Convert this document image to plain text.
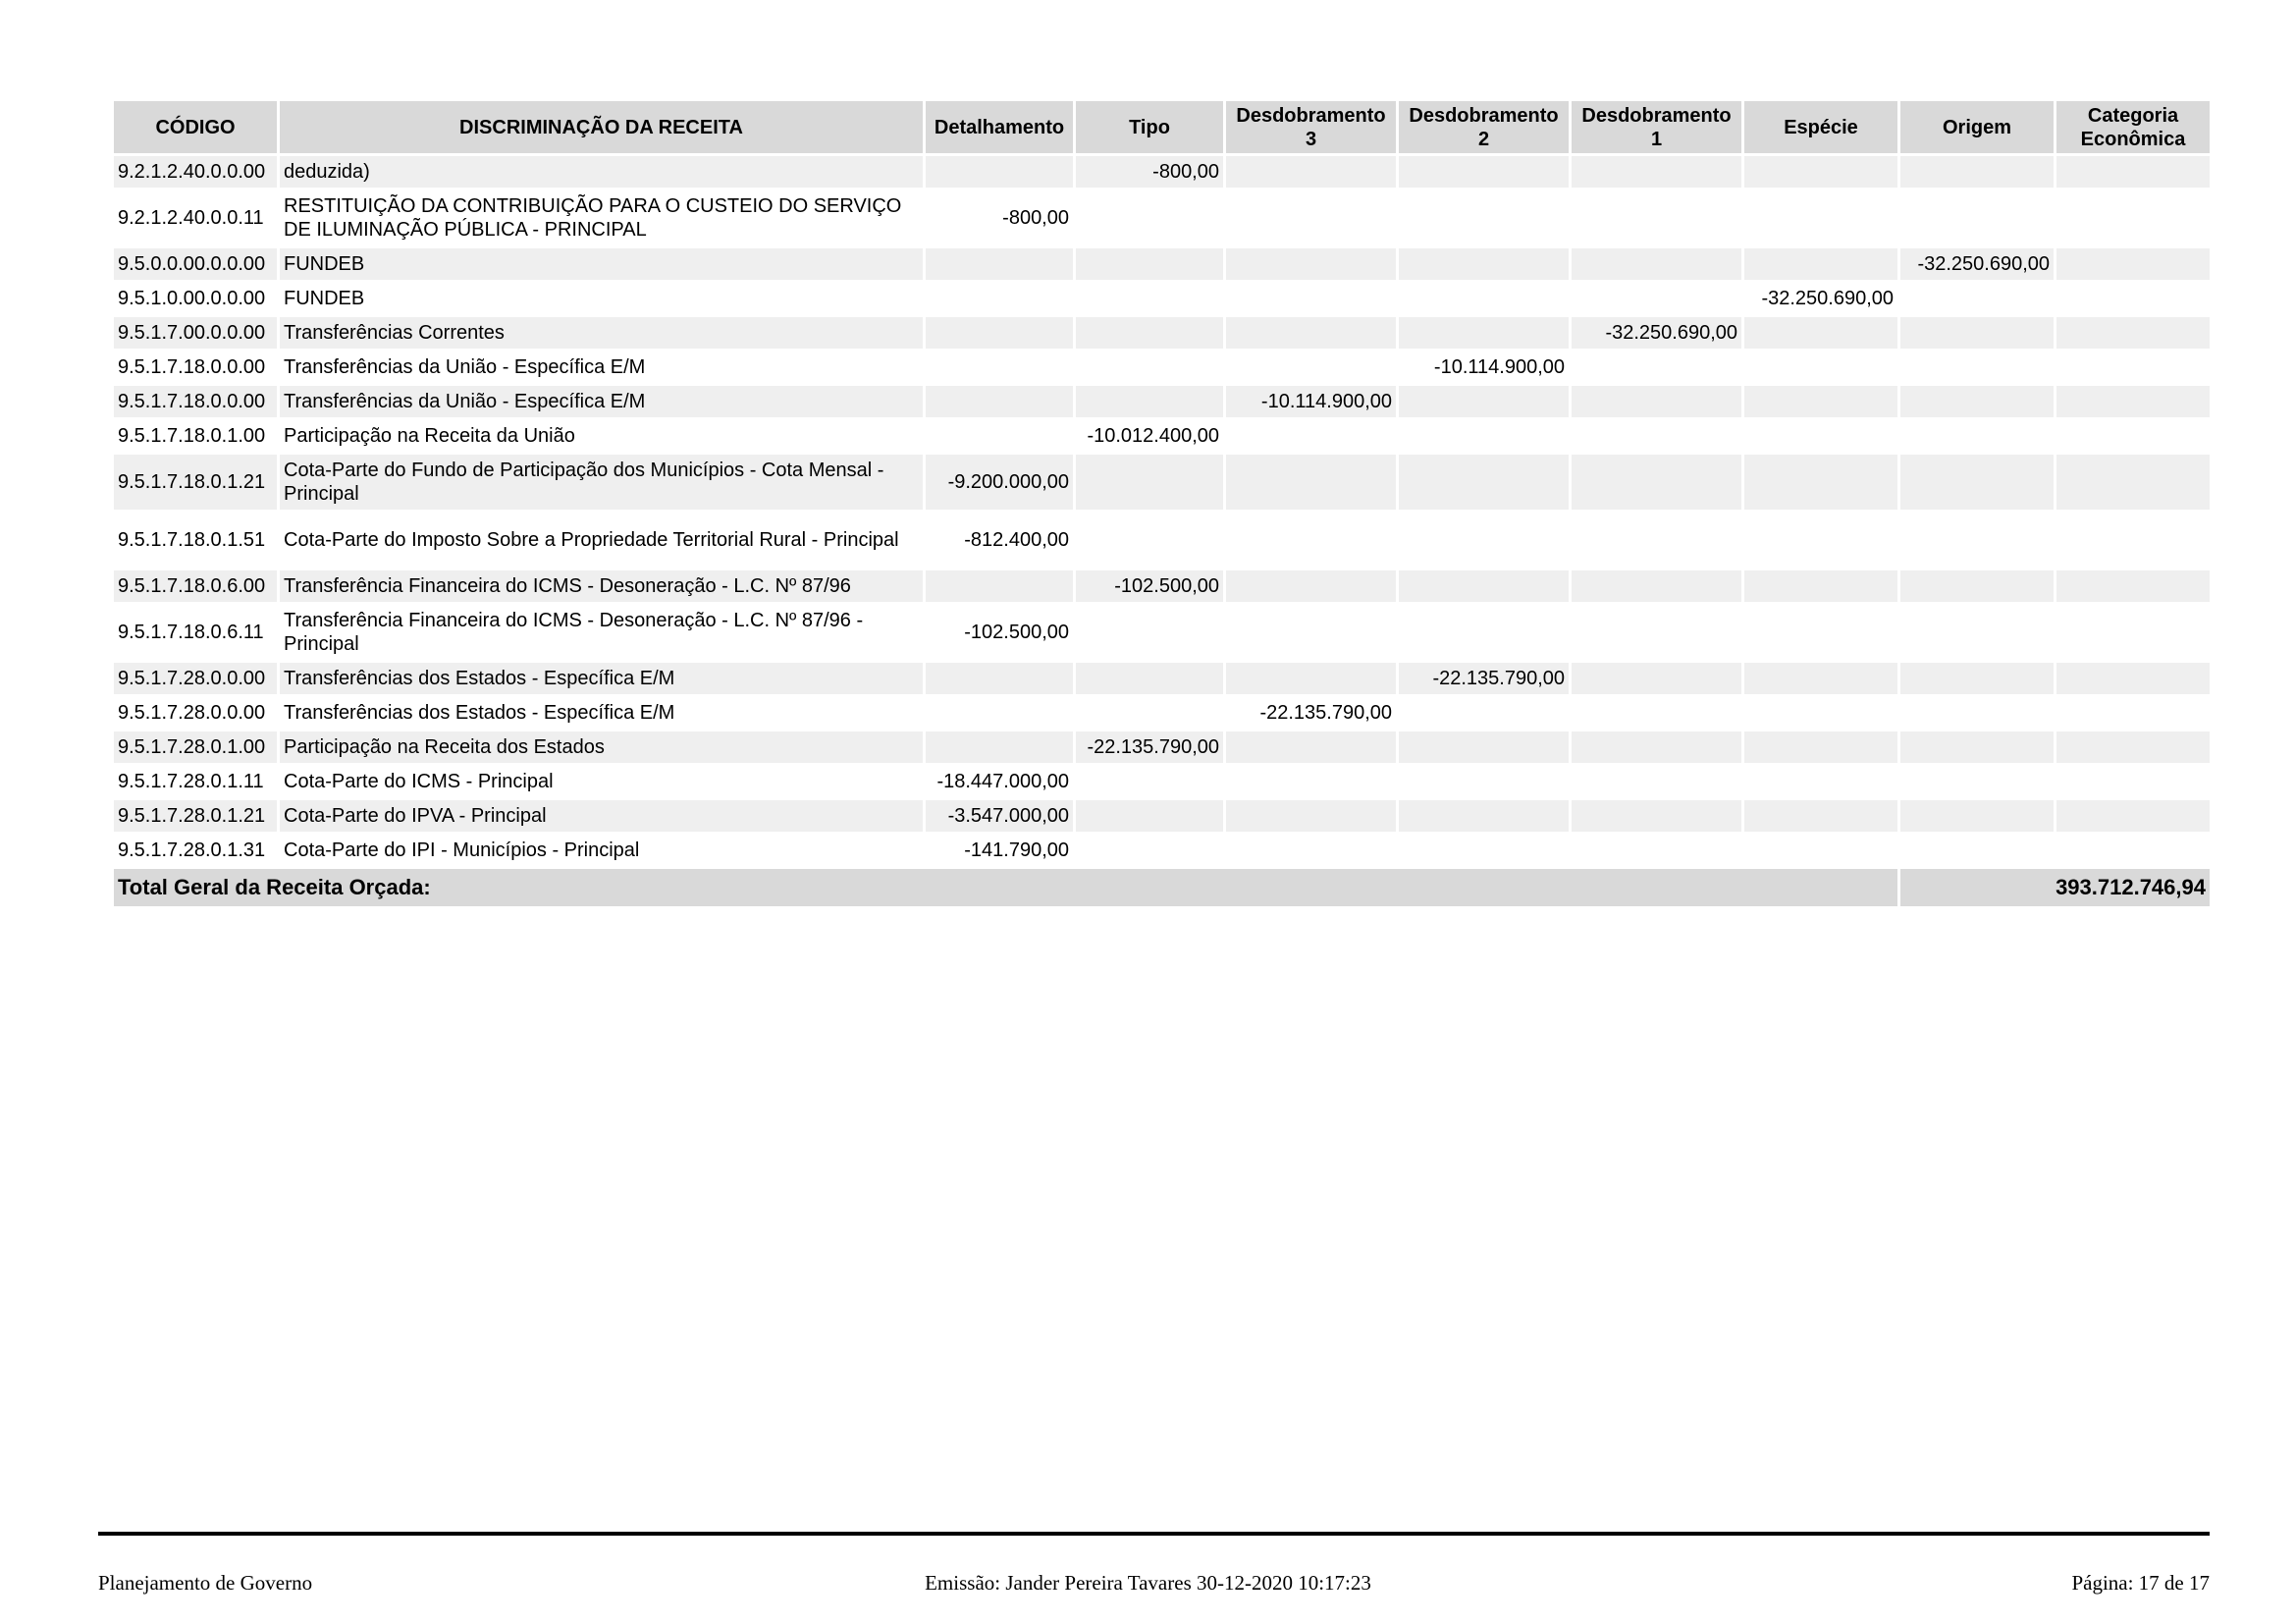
CÓDIGO	DISCRIMINAÇÃO DA RECEITA	Detalhamento	Tipo	Desdobramento 3	Desdobramento 2	Desdobramento 1	Espécie	Origem	Categoria Econômica
9.2.1.2.40.0.0.00	deduzida)		-800,00						
9.2.1.2.40.0.0.11	RESTITUIÇÃO DA CONTRIBUIÇÃO PARA O CUSTEIO DO SERVIÇO DE ILUMINAÇÃO PÚBLICA - PRINCIPAL	-800,00							
9.5.0.0.00.0.0.00	FUNDEB							-32.250.690,00	
9.5.1.0.00.0.0.00	FUNDEB						-32.250.690,00		
9.5.1.7.00.0.0.00	Transferências Correntes					-32.250.690,00			
9.5.1.7.18.0.0.00	Transferências da União - Específica E/M				-10.114.900,00				
9.5.1.7.18.0.0.00	Transferências da União - Específica E/M			-10.114.900,00					
9.5.1.7.18.0.1.00	Participação na Receita da União		-10.012.400,00						
9.5.1.7.18.0.1.21	Cota-Parte do Fundo de Participação dos Municípios - Cota Mensal - Principal	-9.200.000,00							
9.5.1.7.18.0.1.51	Cota-Parte do Imposto Sobre a Propriedade Territorial Rural - Principal	-812.400,00							
9.5.1.7.18.0.6.00	Transferência Financeira do ICMS - Desoneração - L.C. Nº 87/96		-102.500,00						
9.5.1.7.18.0.6.11	Transferência Financeira do ICMS - Desoneração - L.C. Nº 87/96 - Principal	-102.500,00							
9.5.1.7.28.0.0.00	Transferências dos Estados - Específica E/M				-22.135.790,00				
9.5.1.7.28.0.0.00	Transferências dos Estados - Específica E/M			-22.135.790,00					
9.5.1.7.28.0.1.00	Participação na Receita dos Estados		-22.135.790,00						
9.5.1.7.28.0.1.11	Cota-Parte do ICMS - Principal	-18.447.000,00							
9.5.1.7.28.0.1.21	Cota-Parte do IPVA - Principal	-3.547.000,00							
9.5.1.7.28.0.1.31	Cota-Parte do IPI - Municípios - Principal	-141.790,00							
Total Geral da Receita Orçada:								393.712.746,94	
Planejamento de Governo	Emissão: Jander Pereira Tavares 30-12-2020 10:17:23	Página: 17 de 17
